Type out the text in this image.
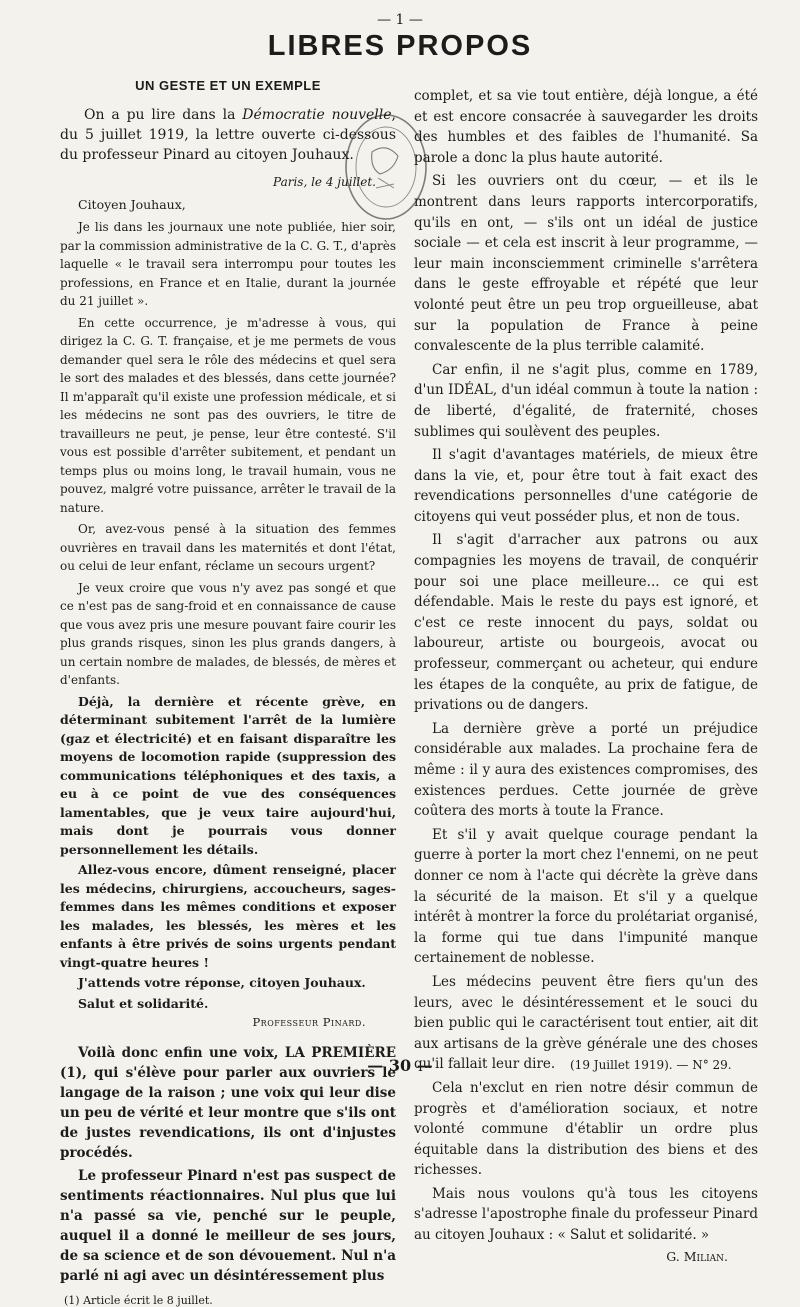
— 1 —
LIBRES PROPOS
UN GESTE ET UN EXEMPLE

On a pu lire dans la Démocratie nouvelle, du 5 juillet 1919, la lettre ouverte ci-dessous du professeur Pinard au citoyen Jouhaux.

Paris, le 4 juillet.
Citoyen Jouhaux,

Je lis dans les journaux une note publiée, hier soir, par la commission administrative de la C. G. T., d'après laquelle « le travail sera interrompu pour toutes les professions, en France et en Italie, durant la journée du 21 juillet ».

En cette occurrence, je m'adresse à vous, qui dirigez la C. G. T. française, et je me permets de vous demander quel sera le rôle des médecins et quel sera le sort des malades et des blessés, dans cette journée? Il m'apparaît qu'il existe une profession médicale, et si les médecins ne sont pas des ouvriers, le titre de travailleurs ne peut, je pense, leur être contesté. S'il vous est possible d'arrêter subitement, et pendant un temps plus ou moins long, le travail humain, vous ne pouvez, malgré votre puissance, arrêter le travail de la nature.

Or, avez-vous pensé à la situation des femmes ouvrières en travail dans les maternités et dont l'état, ou celui de leur enfant, réclame un secours urgent?

Je veux croire que vous n'y avez pas songé et que ce n'est pas de sang-froid et en connaissance de cause que vous avez pris une mesure pouvant faire courir les plus grands risques, sinon les plus grands dangers, à un certain nombre de malades, de blessés, de mères et d'enfants.

Déjà, la dernière et récente grève, en déterminant subitement l'arrêt de la lumière (gaz et électricité) et en faisant disparaître les moyens de locomotion rapide (suppression des communications téléphoniques et des taxis, a eu à ce point de vue des conséquences lamentables, que je veux taire aujourd'hui, mais dont je pourrais vous donner personnellement les détails.

Allez-vous encore, dûment renseigné, placer les médecins, chirurgiens, accoucheurs, sages-femmes dans les mêmes conditions et exposer les malades, les blessés, les mères et les enfants à être privés de soins urgents pendant vingt-quatre heures !

J'attends votre réponse, citoyen Jouhaux.

Salut et solidarité.

Professeur Pinard.

Voilà donc enfin une voix, LA PREMIÈRE (1), qui s'élève pour parler aux ouvriers le langage de la raison ; une voix qui leur dise un peu de vérité et leur montre que s'ils ont de justes revendications, ils ont d'injustes procédés.

Le professeur Pinard n'est pas suspect de sentiments réactionnaires. Nul plus que lui n'a passé sa vie, penché sur le peuple, auquel il a donné le meilleur de ses jours, de sa science et de son dévouement. Nul n'a parlé ni agi avec un désintéressement plus

(1) Article écrit le 8 juillet.

complet, et sa vie tout entière, déjà longue, a été et est encore consacrée à sauvegarder les droits des humbles et des faibles de l'humanité. Sa parole a donc la plus haute autorité.

Si les ouvriers ont du cœur, — et ils le montrent dans leurs rapports intercorporatifs, qu'ils en ont, — s'ils ont un idéal de justice sociale — et cela est inscrit à leur programme, — leur main inconsciemment criminelle s'arrêtera dans le geste effroyable et répété que leur volonté peut être un peu trop orgueilleuse, abat sur la population de France à peine convalescente de la plus terrible calamité.

Car enfin, il ne s'agit plus, comme en 1789, d'un IDÉAL, d'un idéal commun à toute la nation : de liberté, d'égalité, de fraternité, choses sublimes qui soulèvent des peuples.

Il s'agit d'avantages matériels, de mieux être dans la vie, et, pour être tout à fait exact des revendications personnelles d'une catégorie de citoyens qui veut posséder plus, et non de tous.

Il s'agit d'arracher aux patrons ou aux compagnies les moyens de travail, de conquérir pour soi une place meilleure... ce qui est défendable. Mais le reste du pays est ignoré, et c'est ce reste innocent du pays, soldat ou laboureur, artiste ou bourgeois, avocat ou professeur, commerçant ou acheteur, qui endure les étapes de la conquête, au prix de fatigue, de privations ou de dangers.

La dernière grève a porté un préjudice considérable aux malades. La prochaine fera de même : il y aura des existences compromises, des existences perdues. Cette journée de grève coûtera des morts à toute la France.

Et s'il y avait quelque courage pendant la guerre à porter la mort chez l'ennemi, on ne peut donner ce nom à l'acte qui décrète la grève dans la sécurité de la maison. Et s'il y a quelque intérêt à montrer la force du prolétariat organisé, la forme qui tue dans l'impunité manque certainement de noblesse.

Les médecins peuvent être fiers qu'un des leurs, avec le désintéressement et le souci du bien public qui le caractérisent tout entier, ait dit aux artisans de la grève générale une des choses qu'il fallait leur dire.

Cela n'exclut en rien notre désir commun de progrès et d'amélioration sociaux, et notre volonté commune d'établir un ordre plus équitable dans la distribution des biens et des richesses.

Mais nous voulons qu'à tous les citoyens s'adresse l'apostrophe finale du professeur Pinard au citoyen Jouhaux : « Salut et solidarité. »

G. Milian.
— 30 —	(19 Juillet 1919). — N° 29.
